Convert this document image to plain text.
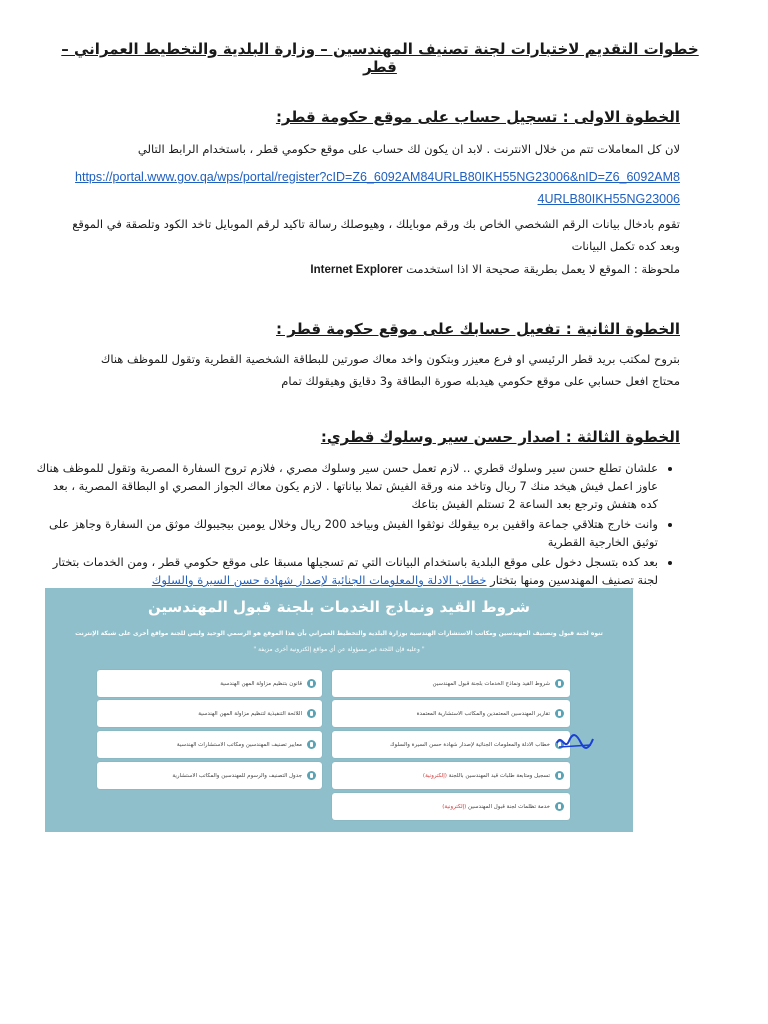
خطوات التقديم لاختبارات لجنة تصنيف المهندسين – وزارة البلدية والتخطيط العمراني – قطر
الخطوة الاولى : تسجيل حساب على موقع حكومة قطر:
لان كل المعاملات تتم من خلال الانترنت . لابد ان يكون لك حساب على موقع حكومي قطر ، باستخدام الرابط التالي
https://portal.www.gov.qa/wps/portal/register?cID=Z6_6092AM84URLB80IKH55NG23006&nID=Z6_6092AM84URLB80IKH55NG23006
تقوم بادخال بيانات الرقم الشخصي الخاص بك ورقم موبايلك ، وهيوصلك رسالة تاكيد لرقم الموبايل تاخد الكود وتلصقة في الموقع وبعد كده تكمل البيانات
ملحوظة : الموقع لا يعمل بطريقة صحيحة الا اذا استخدمت Internet Explorer
الخطوة الثانية : تفعيل حسابك على موقع حكومة قطر :
بتروح لمكتب بريد قطر الرئيسي او فرع معيزر وبتكون واخد معاك صورتين للبطاقة الشخصية القطرية وتقول للموظف هناك محتاج افعل حسابي على موقع حكومي هيدبله صورة البطاقة و3 دقايق وهيقولك تمام
الخطوة الثالثة : اصدار حسن سير وسلوك قطري:
• علشان تطلع حسن سير وسلوك قطري .. لازم تعمل حسن سير وسلوك مصري ، فلازم تروح السفارة المصرية وتقول للموظف هناك عاوز اعمل فيش هيخد منك 7 ريال وتاخد منه ورقة الفيش تملا بياناتها . لازم يكون معاك الجواز المصري او البطاقة المصرية ، بعد كده هتفش وترجع بعد الساعة 2 تستلم الفيش بتاعك
• وانت خارج هتلاقي جماعة واقفين بره بيقولك نوثقوا الفيش وبياخد 200 ريال وخلال يومين بيجيبولك موثق من السفارة وجاهز على توثيق الخارجية القطرية
• بعد كده بتسجل دخول على موقع البلدية باستخدام البيانات التي تم تسجيلها مسبقا على موقع حكومي قطر ، ومن الخدمات بتختار لجنة تصنيف المهندسين ومنها بتختار خطاب الادلة والمعلومات الجنائية لإصدار شهادة حسن السيرة والسلوك
شروط القيد ونماذج الخدمات بلجنة قبول المهندسين
تنوه لجنة قبول وتصنيف المهندسين ومكاتب الاستشارات الهندسية بوزارة البلدية والتخطيط العمراني بأن هذا الموقع هو الرسمي الوحيد وليس للجنة مواقع أخرى على شبكة الإنترنت
" وعليه فإن اللجنة غير مسؤولة عن أي مواقع إلكترونية أخرى مزيفة "
شروط القيد ونماذج الخدمات بلجنة قبول المهندسين
تقارير المهندسين المعتمدين والمكاتب الاستشارية المعتمدة
خطاب الادلة والمعلومات الجنائية لإصدار شهادة حسن السيرة والسلوك
تسجيل ومتابعة طلبات قيد المهندسين باللجنة

(إلكترونية)
خدمة تظلمات لجنة قبول المهندسين

(إلكترونية)
قانون بتنظيم مزاولة المهن الهندسية
اللائحة التنفيذية لتنظيم مزاولة المهن الهندسية
معايير تصنيف المهندسين ومكاتب الاستشارات الهندسية
جدول التصنيف والرسوم للمهندسين والمكاتب الاستشارية
